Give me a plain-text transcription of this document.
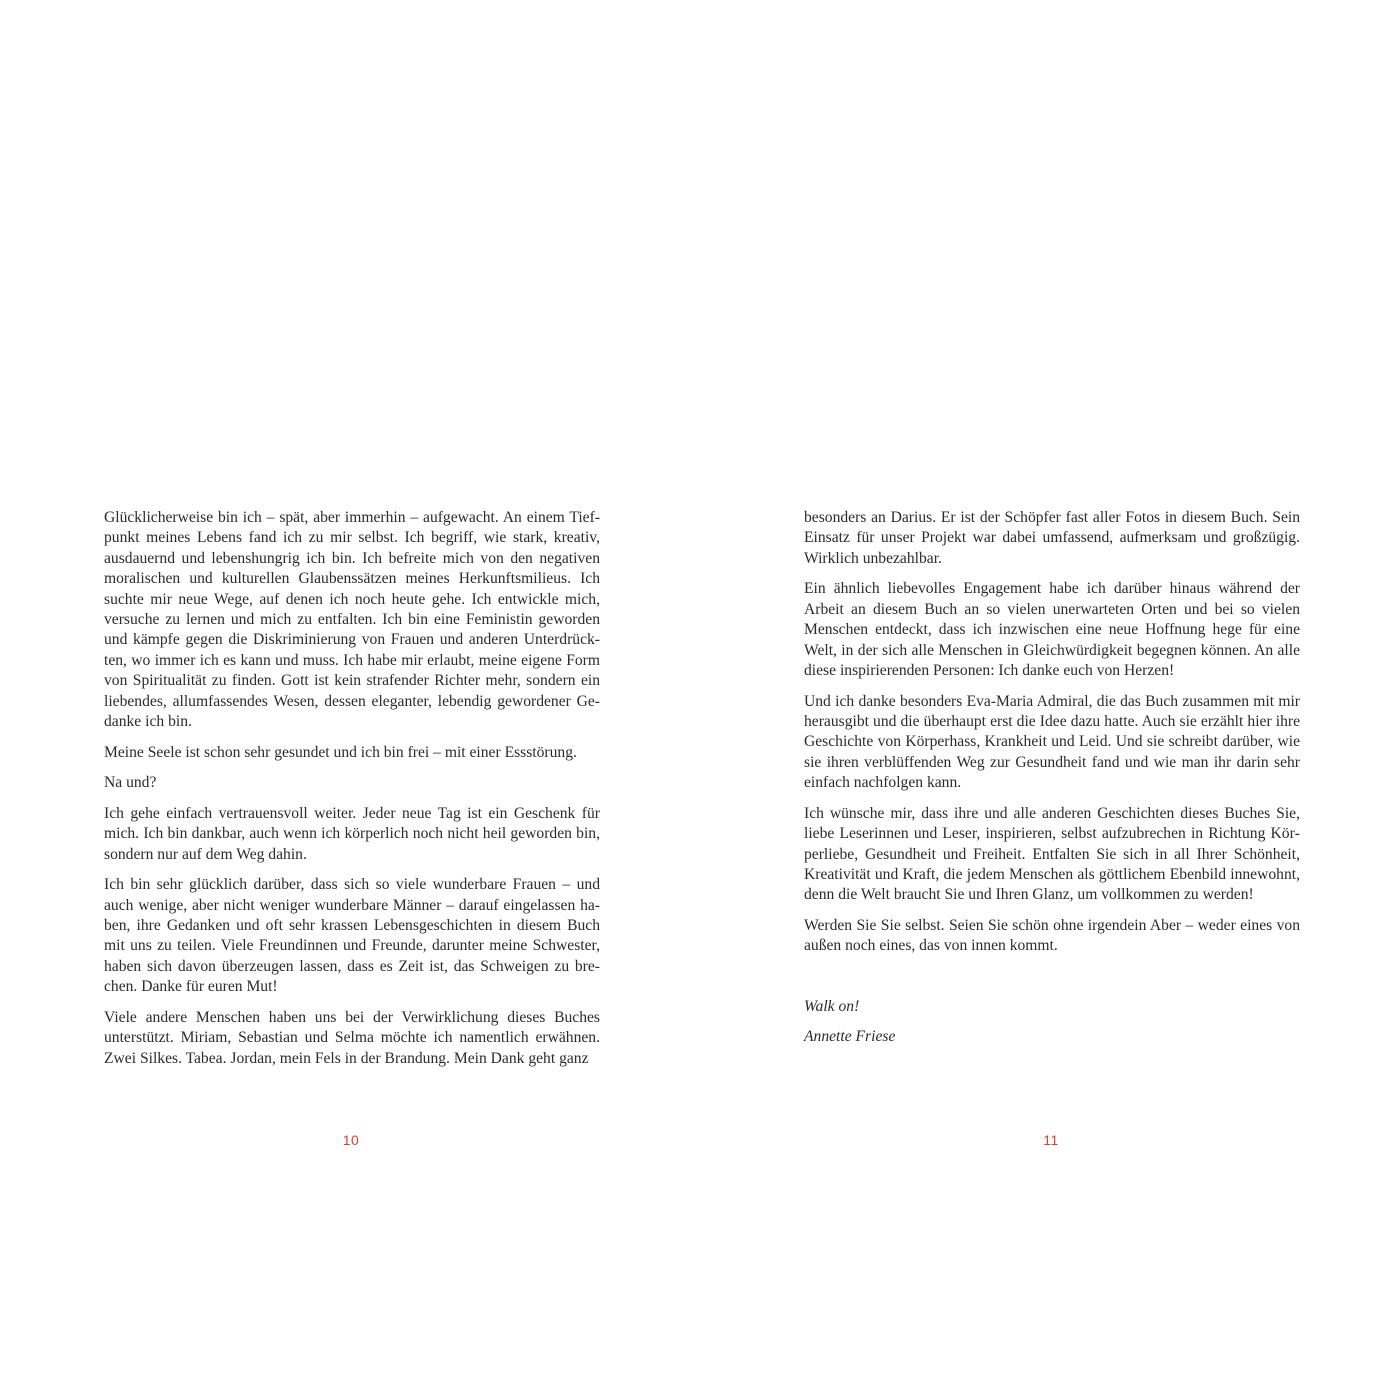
Glücklicherweise bin ich – spät, aber immerhin – aufgewacht. An einem Tiefpunkt meines Lebens fand ich zu mir selbst. Ich begriff, wie stark, kreativ, ausdauernd und lebenshungrig ich bin. Ich befreite mich von den negativen moralischen und kulturellen Glaubenssätzen meines Herkunftsmilieus. Ich suchte mir neue Wege, auf denen ich noch heute gehe. Ich entwickle mich, versuche zu lernen und mich zu entfalten. Ich bin eine Feministin geworden und kämpfe gegen die Diskriminierung von Frauen und anderen Unterdrückten, wo immer ich es kann und muss. Ich habe mir erlaubt, meine eigene Form von Spiritualität zu finden. Gott ist kein strafender Richter mehr, sondern ein liebendes, allumfassendes Wesen, dessen eleganter, lebendig gewordener Gedanke ich bin.

Meine Seele ist schon sehr gesundet und ich bin frei – mit einer Essstörung.

Na und?

Ich gehe einfach vertrauensvoll weiter. Jeder neue Tag ist ein Geschenk für mich. Ich bin dankbar, auch wenn ich körperlich noch nicht heil geworden bin, sondern nur auf dem Weg dahin.

Ich bin sehr glücklich darüber, dass sich so viele wunderbare Frauen – und auch wenige, aber nicht weniger wunderbare Männer – darauf eingelassen haben, ihre Gedanken und oft sehr krassen Lebensgeschichten in diesem Buch mit uns zu teilen. Viele Freundinnen und Freunde, darunter meine Schwester, haben sich davon überzeugen lassen, dass es Zeit ist, das Schweigen zu brechen. Danke für euren Mut!

Viele andere Menschen haben uns bei der Verwirklichung dieses Buches unterstützt. Miriam, Sebastian und Selma möchte ich namentlich erwähnen. Zwei Silkes. Tabea. Jordan, mein Fels in der Brandung. Mein Dank geht ganz

10

besonders an Darius. Er ist der Schöpfer fast aller Fotos in diesem Buch. Sein Einsatz für unser Projekt war dabei umfassend, aufmerksam und großzügig. Wirklich unbezahlbar.

Ein ähnlich liebevolles Engagement habe ich darüber hinaus während der Arbeit an diesem Buch an so vielen unerwarteten Orten und bei so vielen Menschen entdeckt, dass ich inzwischen eine neue Hoffnung hege für eine Welt, in der sich alle Menschen in Gleichwürdigkeit begegnen können. An alle diese inspirierenden Personen: Ich danke euch von Herzen!

Und ich danke besonders Eva-Maria Admiral, die das Buch zusammen mit mir herausgibt und die überhaupt erst die Idee dazu hatte. Auch sie erzählt hier ihre Geschichte von Körperhass, Krankheit und Leid. Und sie schreibt darüber, wie sie ihren verblüffenden Weg zur Gesundheit fand und wie man ihr darin sehr einfach nachfolgen kann.

Ich wünsche mir, dass ihre und alle anderen Geschichten dieses Buches Sie, liebe Leserinnen und Leser, inspirieren, selbst aufzubrechen in Richtung Körperliebe, Gesundheit und Freiheit. Entfalten Sie sich in all Ihrer Schönheit, Kreativität und Kraft, die jedem Menschen als göttlichem Ebenbild innewohnt, denn die Welt braucht Sie und Ihren Glanz, um vollkommen zu werden!

Werden Sie Sie selbst. Seien Sie schön ohne irgendein Aber – weder eines von außen noch eines, das von innen kommt.

Walk on!

Annette Friese

11
